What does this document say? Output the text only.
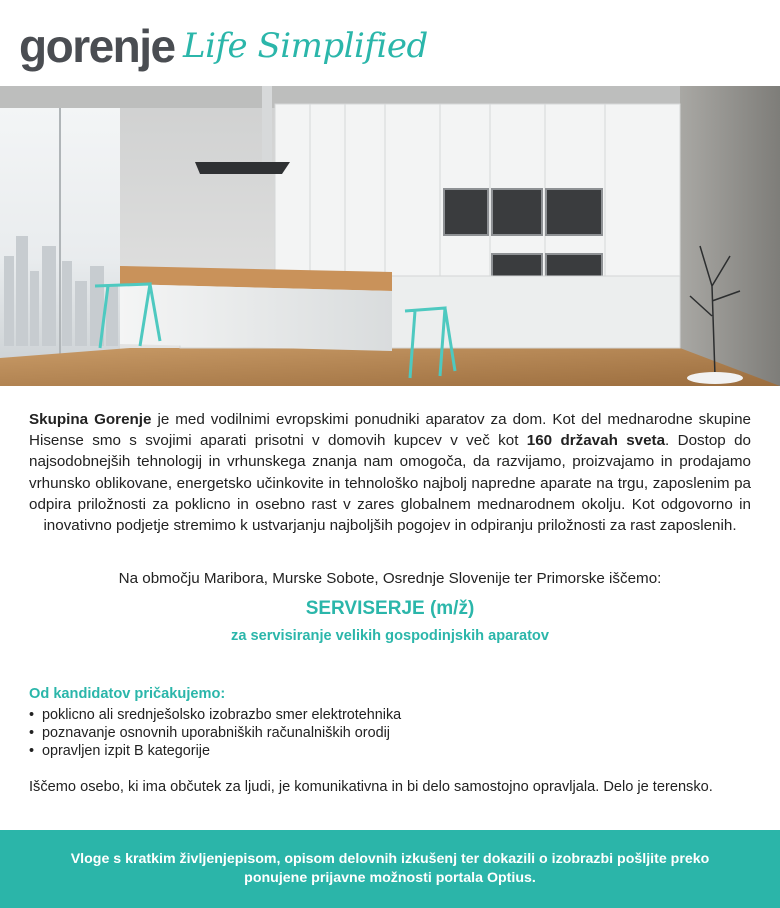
gorenje Life Simplified

Skupina Gorenje je med vodilnimi evropskimi ponudniki aparatov za dom. Kot del mednarodne skupine Hisense smo s svojimi aparati prisotni v domovih kupcev v več kot 160 državah sveta. Dostop do najsodobnejših tehnologij in vrhunskega znanja nam omogoča, da razvijamo, proizvajamo in prodajamo vrhunsko oblikovane, energetsko učinkovite in tehnološko najbolj napredne aparate na trgu, zaposlenim pa odpira priložnosti za poklicno in osebno rast v zares globalnem mednarodnem okolju. Kot odgovorno in inovativno podjetje stremimo k ustvarjanju najboljših pogojev in odpiranju priložnosti za rast zaposlenih.

Na območju Maribora, Murske Sobote, Osrednje Slovenije ter Primorske iščemo:

SERVISERJE (m/ž)

za servisiranje velikih gospodinjskih aparatov

Od kandidatov pričakujemo:

• poklicno ali srednješolsko izobrazbo smer elektrotehnika
• poznavanje osnovnih uporabniških računalniških orodij
• opravljen izpit B kategorije

Iščemo osebo, ki ima občutek za ljudi, je komunikativna in bi delo samostojno opravljala. Delo je terensko.

Vloge s kratkim življenjepisom, opisom delovnih izkušenj ter dokazili o izobrazbi pošljite preko ponujene prijavne možnosti portala Optius.
